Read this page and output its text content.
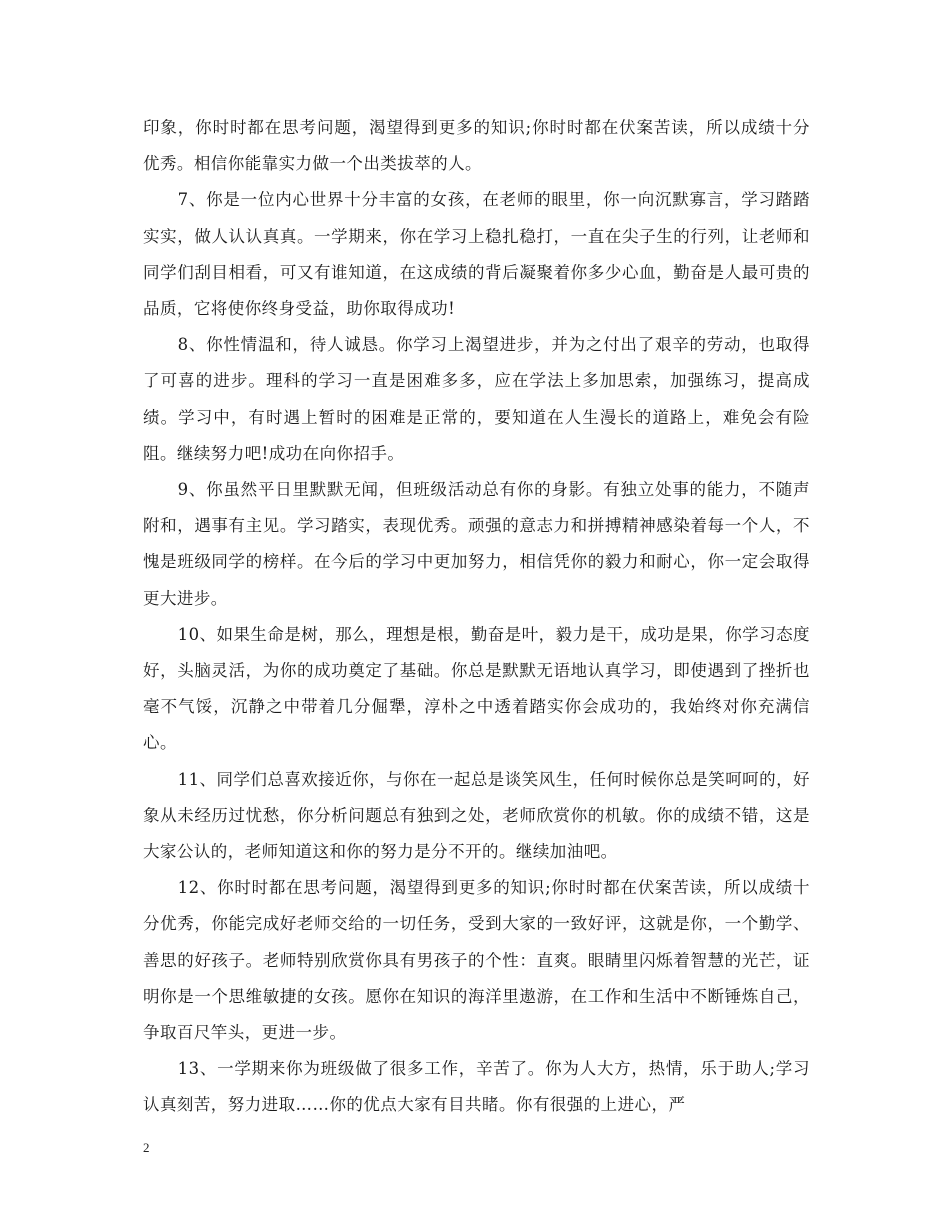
印象，你时时都在思考问题，渴望得到更多的知识;你时时都在伏案苦读，所以成绩十分优秀。相信你能靠实力做一个出类拔萃的人。

7、你是一位内心世界十分丰富的女孩，在老师的眼里，你一向沉默寡言，学习踏踏实实，做人认认真真。一学期来，你在学习上稳扎稳打，一直在尖子生的行列，让老师和同学们刮目相看，可又有谁知道，在这成绩的背后凝聚着你多少心血，勤奋是人最可贵的品质，它将使你终身受益，助你取得成功!

8、你性情温和，待人诚恳。你学习上渴望进步，并为之付出了艰辛的劳动，也取得了可喜的进步。理科的学习一直是困难多多，应在学法上多加思索，加强练习，提高成绩。学习中，有时遇上暂时的困难是正常的，要知道在人生漫长的道路上，难免会有险阻。继续努力吧!成功在向你招手。

9、你虽然平日里默默无闻，但班级活动总有你的身影。有独立处事的能力，不随声附和，遇事有主见。学习踏实，表现优秀。顽强的意志力和拼搏精神感染着每一个人，不愧是班级同学的榜样。在今后的学习中更加努力，相信凭你的毅力和耐心，你一定会取得更大进步。

10、如果生命是树，那么，理想是根，勤奋是叶，毅力是干，成功是果，你学习态度好，头脑灵活，为你的成功奠定了基础。你总是默默无语地认真学习，即使遇到了挫折也毫不气馁，沉静之中带着几分倔犟，淳朴之中透着踏实你会成功的，我始终对你充满信心。

11、同学们总喜欢接近你，与你在一起总是谈笑风生，任何时候你总是笑呵呵的，好象从未经历过忧愁，你分析问题总有独到之处，老师欣赏你的机敏。你的成绩不错，这是大家公认的，老师知道这和你的努力是分不开的。继续加油吧。

12、你时时都在思考问题，渴望得到更多的知识;你时时都在伏案苦读，所以成绩十分优秀，你能完成好老师交给的一切任务，受到大家的一致好评，这就是你，一个勤学、善思的好孩子。老师特别欣赏你具有男孩子的个性：直爽。眼睛里闪烁着智慧的光芒，证明你是一个思维敏捷的女孩。愿你在知识的海洋里遨游，在工作和生活中不断锤炼自己，争取百尺竿头，更进一步。

13、一学期来你为班级做了很多工作，辛苦了。你为人大方，热情，乐于助人;学习认真刻苦，努力进取……你的优点大家有目共睹。你有很强的上进心，严

2
